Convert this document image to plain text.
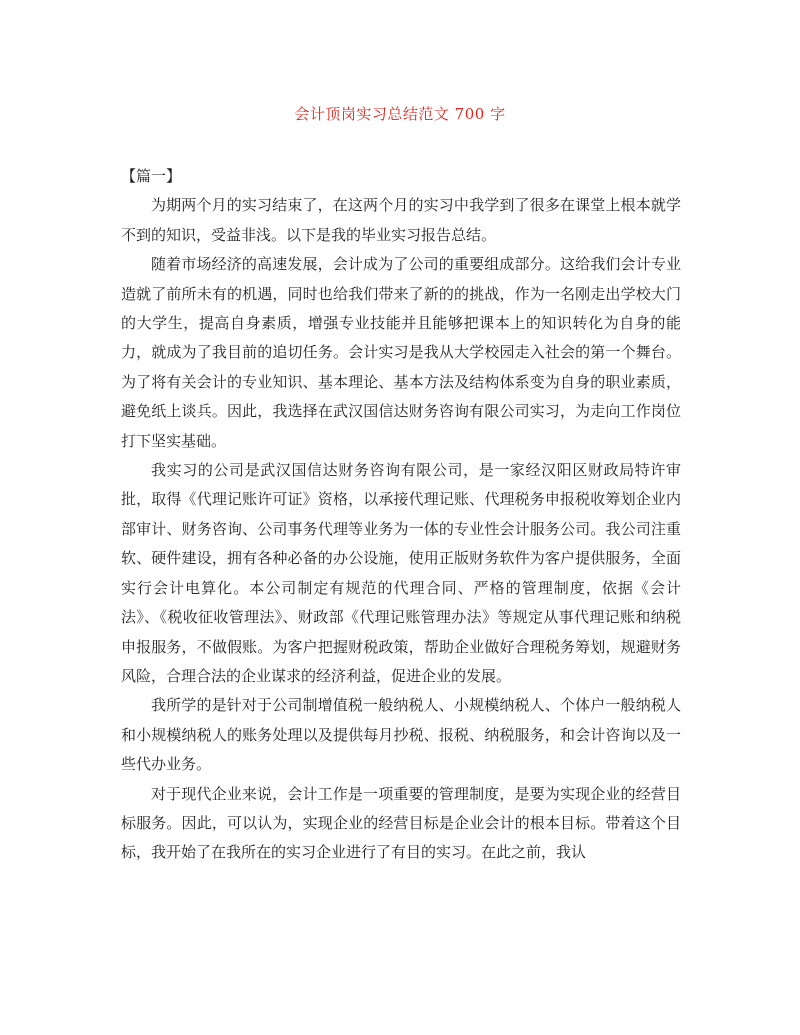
会计顶岗实习总结范文 700 字

【篇一】

为期两个月的实习结束了，在这两个月的实习中我学到了很多在课堂上根本就学不到的知识，受益非浅。以下是我的毕业实习报告总结。

随着市场经济的高速发展，会计成为了公司的重要组成部分。这给我们会计专业造就了前所未有的机遇，同时也给我们带来了新的的挑战，作为一名刚走出学校大门的大学生，提高自身素质，增强专业技能并且能够把课本上的知识转化为自身的能力，就成为了我目前的追切任务。会计实习是我从大学校园走入社会的第一个舞台。为了将有关会计的专业知识、基本理论、基本方法及结构体系变为自身的职业素质，避免纸上谈兵。因此，我选择在武汉国信达财务咨询有限公司实习，为走向工作岗位打下坚实基础。

我实习的公司是武汉国信达财务咨询有限公司，是一家经汉阳区财政局特许审批，取得《代理记账许可证》资格，以承接代理记账、代理税务申报税收筹划企业内部审计、财务咨询、公司事务代理等业务为一体的专业性会计服务公司。我公司注重软、硬件建设，拥有各种必备的办公设施，使用正版财务软件为客户提供服务，全面实行会计电算化。本公司制定有规范的代理合同、严格的管理制度，依据《会计法》、《税收征收管理法》、财政部《代理记账管理办法》等规定从事代理记账和纳税申报服务，不做假账。为客户把握财税政策，帮助企业做好合理税务筹划，规避财务风险，合理合法的企业谋求的经济利益，促进企业的发展。

我所学的是针对于公司制增值税一般纳税人、小规模纳税人、个体户一般纳税人和小规模纳税人的账务处理以及提供每月抄税、报税、纳税服务，和会计咨询以及一些代办业务。

对于现代企业来说，会计工作是一项重要的管理制度，是要为实现企业的经营目标服务。因此，可以认为，实现企业的经营目标是企业会计的根本目标。带着这个目标，我开始了在我所在的实习企业进行了有目的实习。在此之前，我认
